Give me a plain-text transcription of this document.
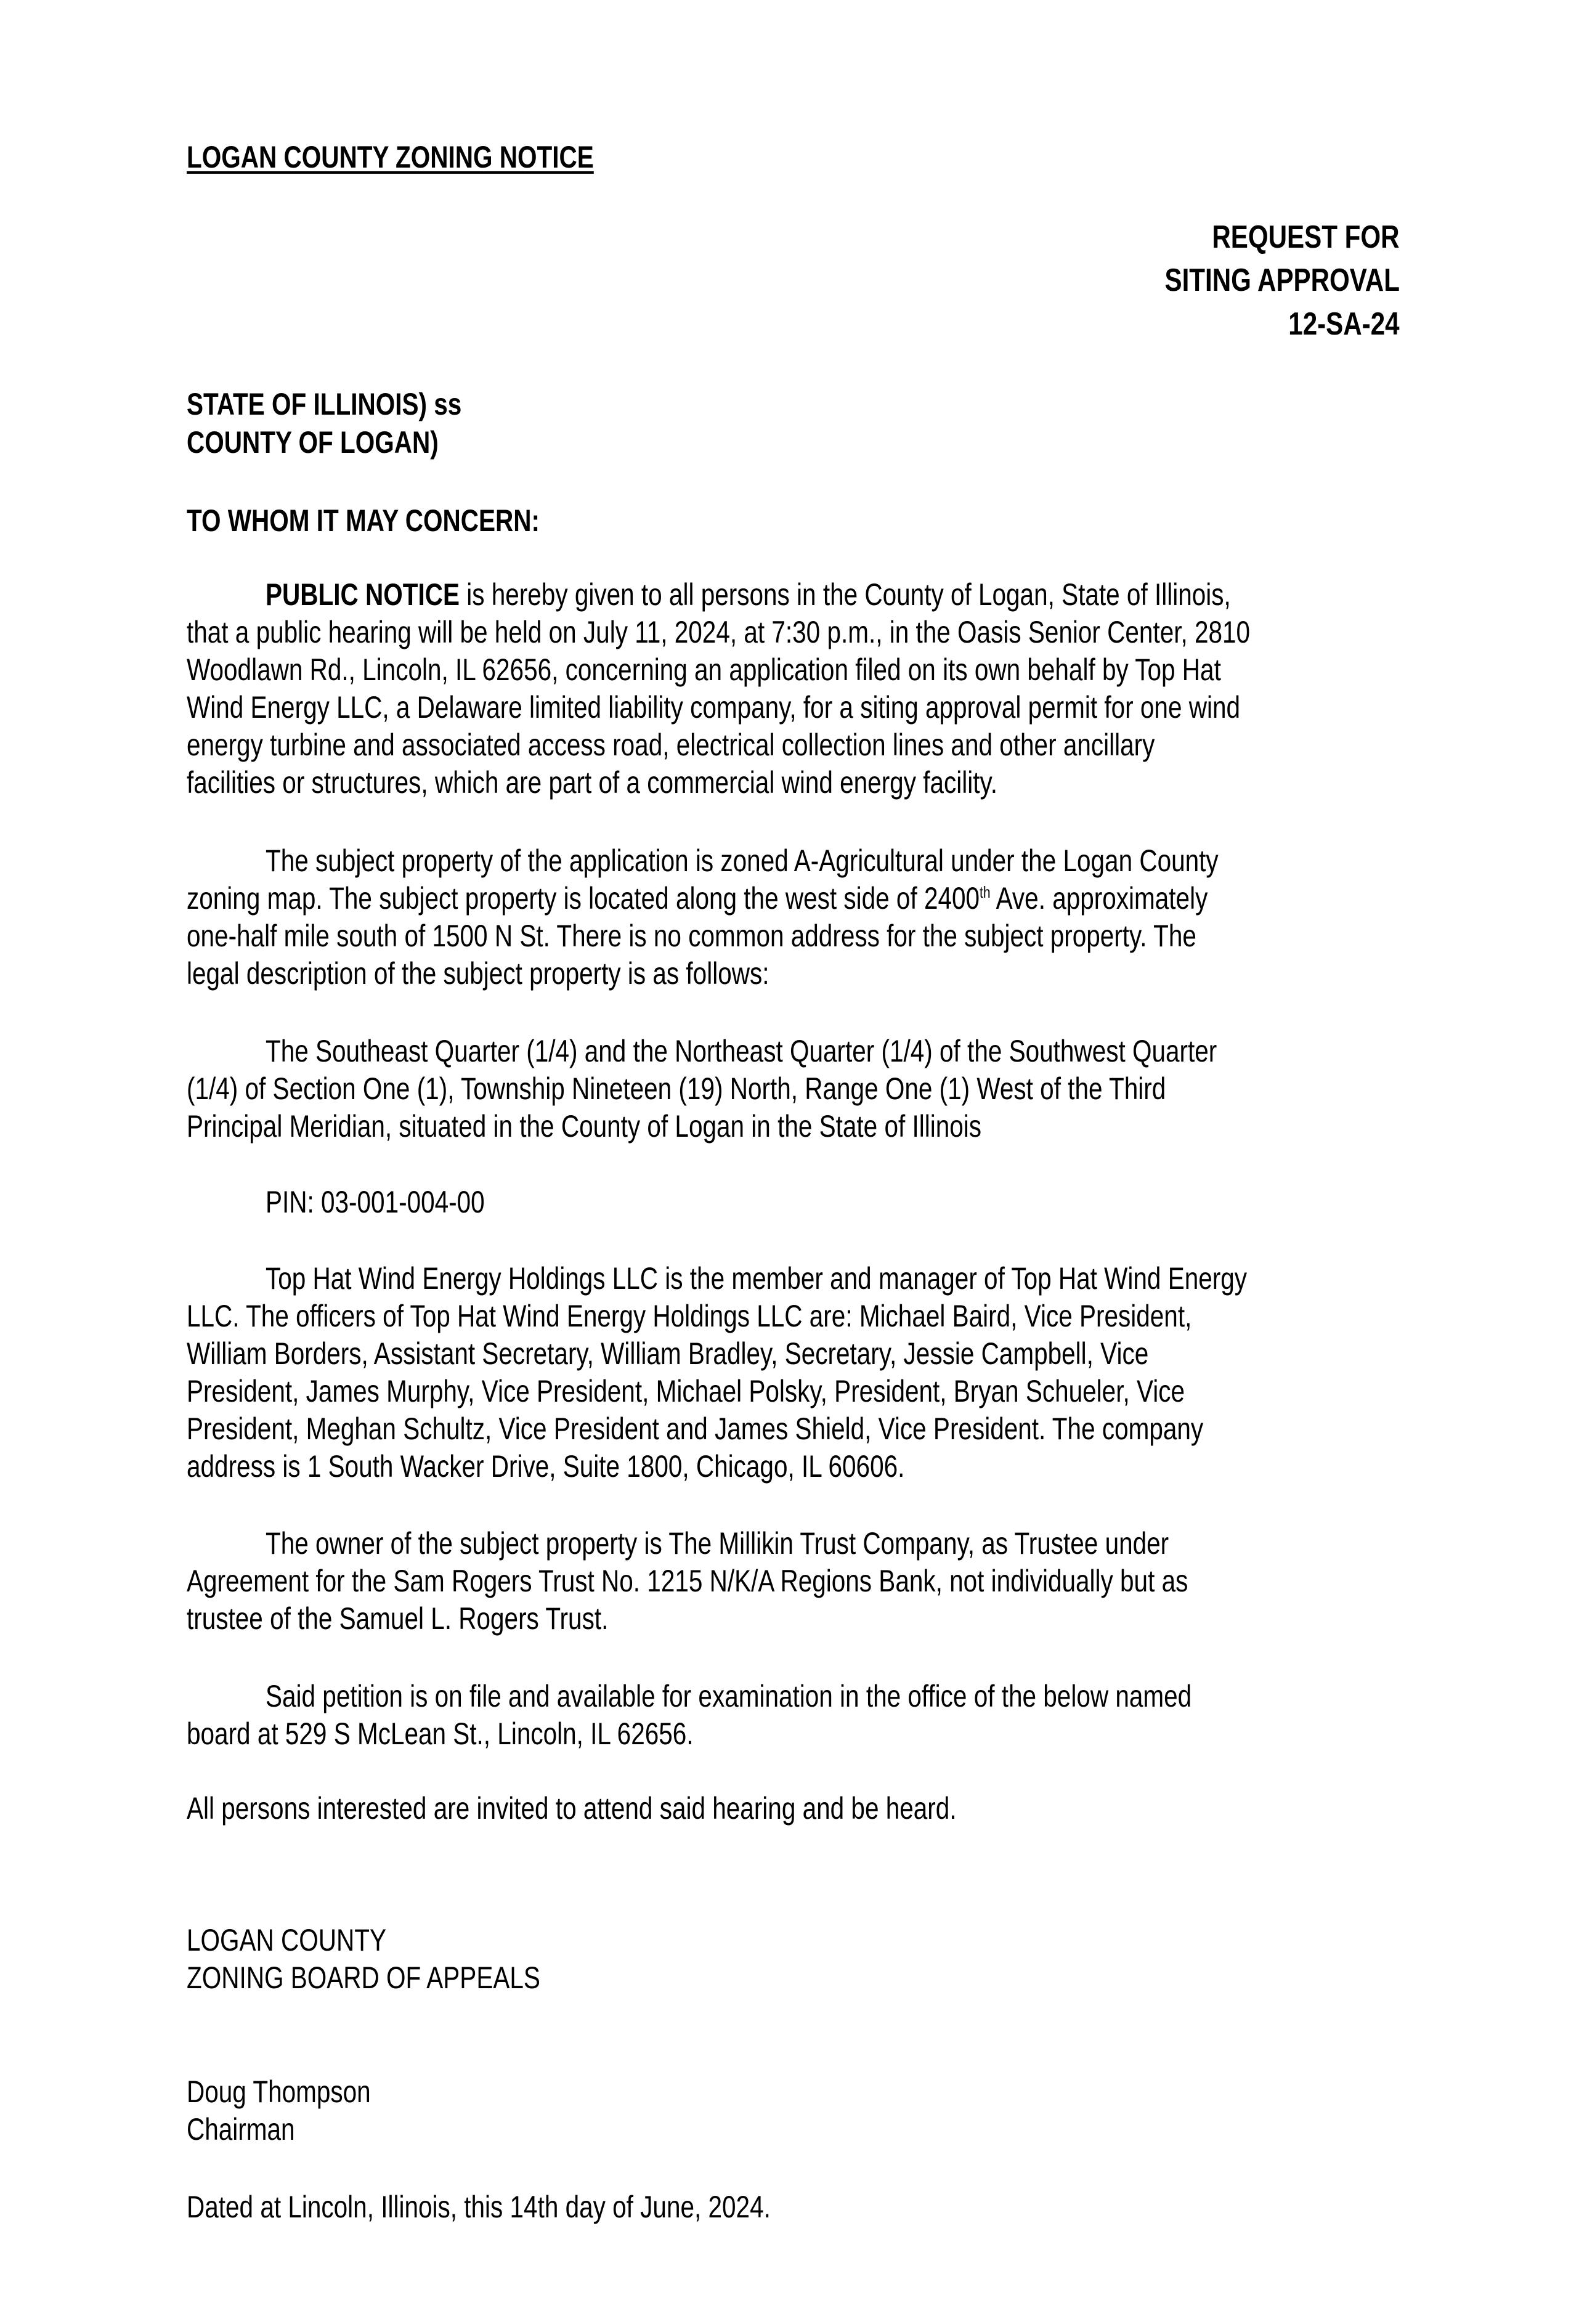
LOGAN COUNTY ZONING NOTICE
REQUEST FOR
SITING APPROVAL
12-SA-24
STATE OF ILLINOIS) ss
COUNTY OF LOGAN)
TO WHOM IT MAY CONCERN:
PUBLIC NOTICE is hereby given to all persons in the County of Logan, State of Illinois,
that a public hearing will be held on July 11, 2024, at 7:30 p.m., in the Oasis Senior Center, 2810
Woodlawn Rd., Lincoln, IL 62656, concerning an application filed on its own behalf by Top Hat
Wind Energy LLC, a Delaware limited liability company, for a siting approval permit for one wind
energy turbine and associated access road, electrical collection lines and other ancillary
facilities or structures, which are part of a commercial wind energy facility.
The subject property of the application is zoned A-Agricultural under the Logan County
zoning map. The subject property is located along the west side of 2400th Ave. approximately
one-half mile south of 1500 N St. There is no common address for the subject property. The
legal description of the subject property is as follows:
The Southeast Quarter (1/4) and the Northeast Quarter (1/4) of the Southwest Quarter
(1/4) of Section One (1), Township Nineteen (19) North, Range One (1) West of the Third
Principal Meridian, situated in the County of Logan in the State of Illinois
PIN: 03-001-004-00
Top Hat Wind Energy Holdings LLC is the member and manager of Top Hat Wind Energy
LLC. The officers of Top Hat Wind Energy Holdings LLC are: Michael Baird, Vice President,
William Borders, Assistant Secretary, William Bradley, Secretary, Jessie Campbell, Vice
President, James Murphy, Vice President, Michael Polsky, President, Bryan Schueler, Vice
President, Meghan Schultz, Vice President and James Shield, Vice President. The company
address is 1 South Wacker Drive, Suite 1800, Chicago, IL 60606.
The owner of the subject property is The Millikin Trust Company, as Trustee under
Agreement for the Sam Rogers Trust No. 1215 N/K/A Regions Bank, not individually but as
trustee of the Samuel L. Rogers Trust.
Said petition is on file and available for examination in the office of the below named
board at 529 S McLean St., Lincoln, IL 62656.
All persons interested are invited to attend said hearing and be heard.
LOGAN COUNTY
ZONING BOARD OF APPEALS
Doug Thompson
Chairman
Dated at Lincoln, Illinois, this 14th day of June, 2024.
